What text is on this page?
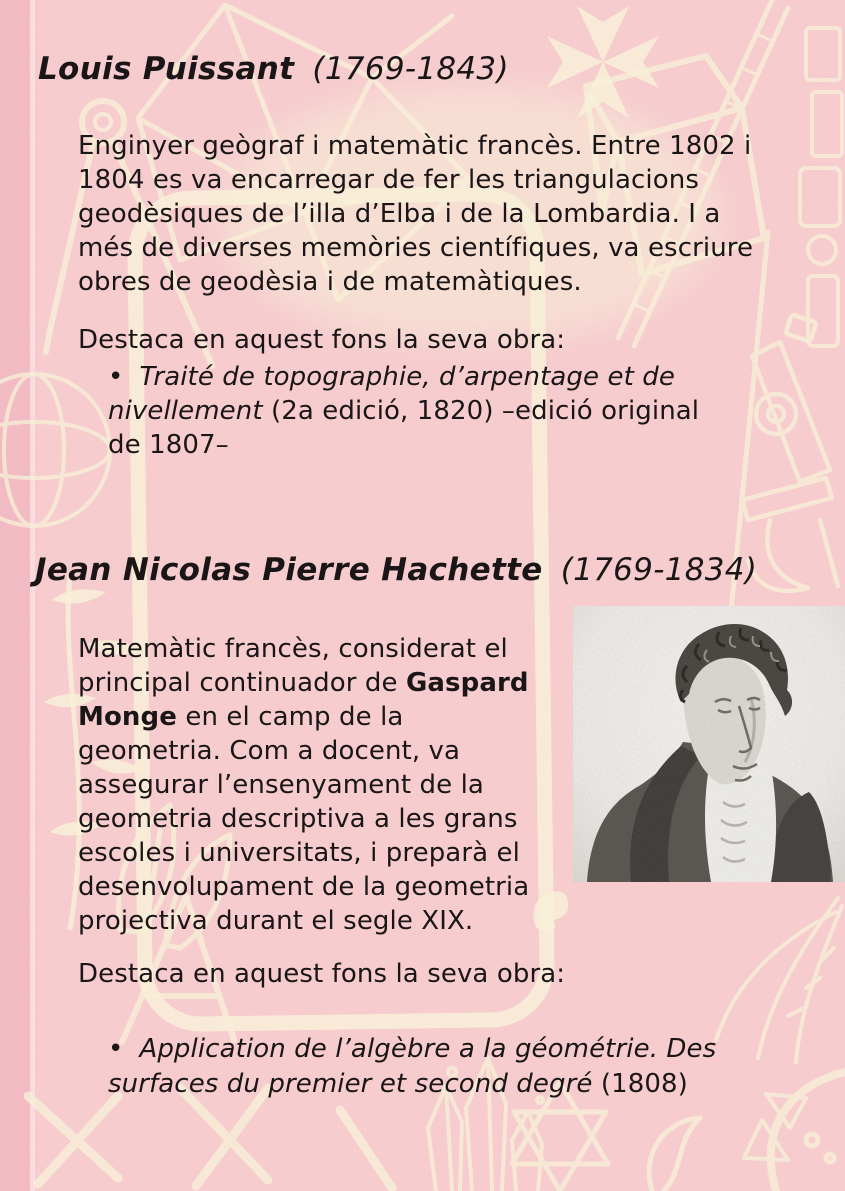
Louis Puissant (1769-1843)

Enginyer geògraf i matemàtic francès. Entre 1802 i
1804 es va encarregar de fer les triangulacions
geodèsiques de l’illa d’Elba i de la Lombardia. I a
més de diverses memòries científiques, va escriure
obres de geodèsia i de matemàtiques.

Destaca en aquest fons la seva obra:

• Traité de topographie, d’arpentage et de
nivellement (2a edició, 1820) –edició original
de 1807–

Jean Nicolas Pierre Hachette (1769-1834)

Matemàtic francès, considerat el
principal continuador de Gaspard
Monge en el camp de la
geometria. Com a docent, va
assegurar l’ensenyament de la
geometria descriptiva a les grans
escoles i universitats, i preparà el
desenvolupament de la geometria
projectiva durant el segle XIX.

Destaca en aquest fons la seva obra:

• Application de l’algèbre a la géométrie. Des
surfaces du premier et second degré (1808)
